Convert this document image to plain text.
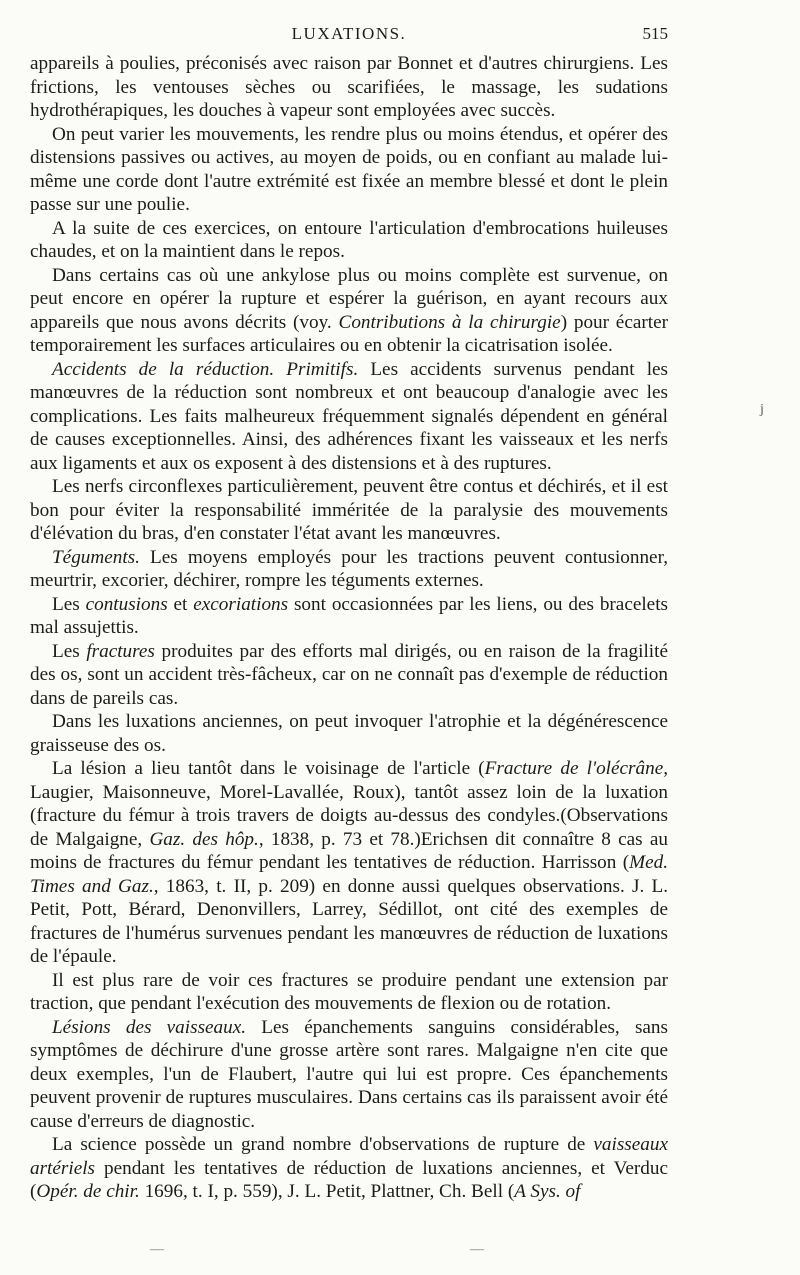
LUXATIONS.	515

appareils à poulies, préconisés avec raison par Bonnet et d'autres chirurgiens. Les frictions, les ventouses sèches ou scarifiées, le massage, les sudations hydrothérapiques, les douches à vapeur sont employées avec succès.

On peut varier les mouvements, les rendre plus ou moins étendus, et opérer des distensions passives ou actives, au moyen de poids, ou en confiant au malade lui-même une corde dont l'autre extrémité est fixée an membre blessé et dont le plein passe sur une poulie.

A la suite de ces exercices, on entoure l'articulation d'embrocations huileuses chaudes, et on la maintient dans le repos.

Dans certains cas où une ankylose plus ou moins complète est survenue, on peut encore en opérer la rupture et espérer la guérison, en ayant recours aux appareils que nous avons décrits (voy. Contributions à la chirurgie) pour écarter temporairement les surfaces articulaires ou en obtenir la cicatrisation isolée.

Accidents de la réduction. Primitifs. Les accidents survenus pendant les manœuvres de la réduction sont nombreux et ont beaucoup d'analogie avec les complications. Les faits malheureux fréquemment signalés dépendent en général de causes exceptionnelles. Ainsi, des adhérences fixant les vaisseaux et les nerfs aux ligaments et aux os exposent à des distensions et à des ruptures.

Les nerfs circonflexes particulièrement, peuvent être contus et déchirés, et il est bon pour éviter la responsabilité imméritée de la paralysie des mouvements d'élévation du bras, d'en constater l'état avant les manœuvres.

Téguments. Les moyens employés pour les tractions peuvent contusionner, meurtrir, excorier, déchirer, rompre les téguments externes.

Les contusions et excoriations sont occasionnées par les liens, ou des bracelets mal assujettis.

Les fractures produites par des efforts mal dirigés, ou en raison de la fragilité des os, sont un accident très-fâcheux, car on ne connaît pas d'exemple de réduction dans de pareils cas.

Dans les luxations anciennes, on peut invoquer l'atrophie et la dégénérescence graisseuse des os.

La lésion a lieu tantôt dans le voisinage de l'article (Fracture de l'olécrâne, Laugier, Maisonneuve, Morel-Lavallée, Roux), tantôt assez loin de la luxation (fracture du fémur à trois travers de doigts au-dessus des condyles.(Observations de Malgaigne, Gaz. des hôp., 1838, p. 73 et 78.)Erichsen dit connaître 8 cas au moins de fractures du fémur pendant les tentatives de réduction. Harrisson (Med. Times and Gaz., 1863, t. II, p. 209) en donne aussi quelques observations. J. L. Petit, Pott, Bérard, Denonvillers, Larrey, Sédillot, ont cité des exemples de fractures de l'humérus survenues pendant les manœuvres de réduction de luxations de l'épaule.

Il est plus rare de voir ces fractures se produire pendant une extension par traction, que pendant l'exécution des mouvements de flexion ou de rotation.

Lésions des vaisseaux. Les épanchements sanguins considérables, sans symptômes de déchirure d'une grosse artère sont rares. Malgaigne n'en cite que deux exemples, l'un de Flaubert, l'autre qui lui est propre. Ces épanchements peuvent provenir de ruptures musculaires. Dans certains cas ils paraissent avoir été cause d'erreurs de diagnostic.

La science possède un grand nombre d'observations de rupture de vaisseaux artériels pendant les tentatives de réduction de luxations anciennes, et Verduc (Opér. de chir. 1696, t. I, p. 559), J. L. Petit, Plattner, Ch. Bell (A Sys. of

j
—	—
